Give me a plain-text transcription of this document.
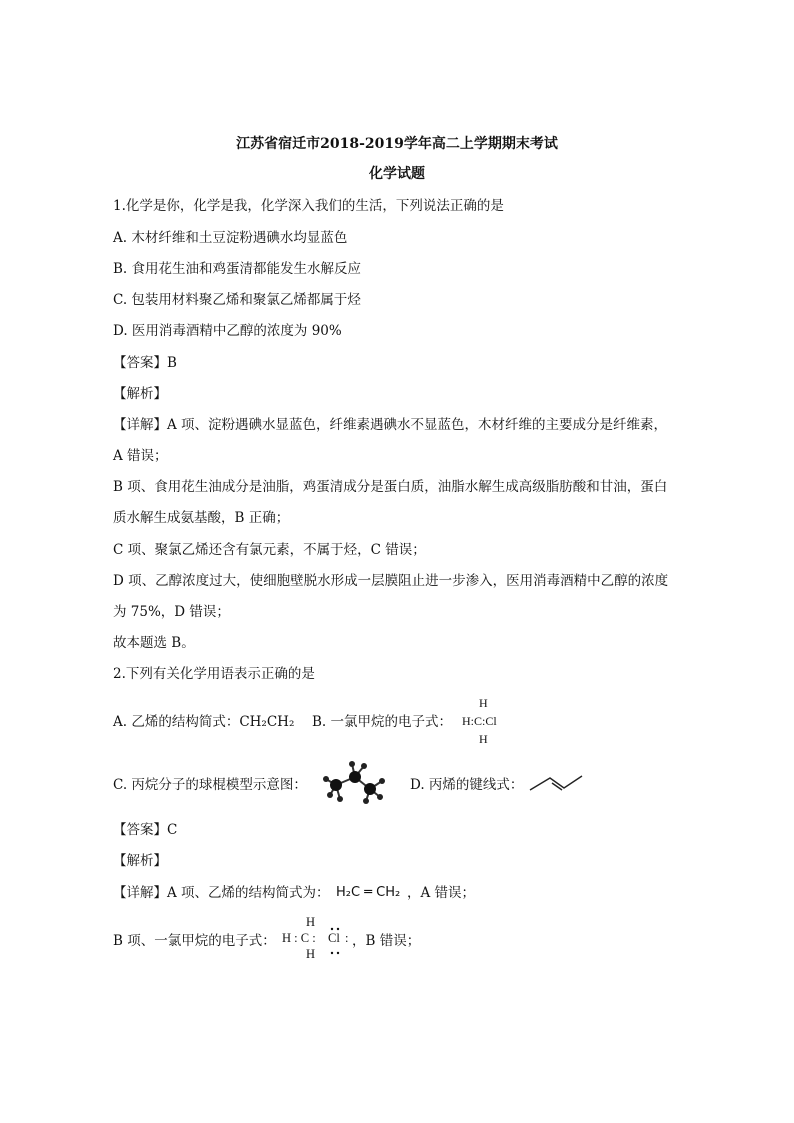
江苏省宿迁市2018-2019学年高二上学期期末考试
化学试题
1.化学是你，化学是我，化学深入我们的生活，下列说法正确的是
A. 木材纤维和土豆淀粉遇碘水均显蓝色
B. 食用花生油和鸡蛋清都能发生水解反应
C. 包装用材料聚乙烯和聚氯乙烯都属于烃
D. 医用消毒酒精中乙醇的浓度为 90%
【答案】B
【解析】
【详解】A 项、淀粉遇碘水显蓝色，纤维素遇碘水不显蓝色，木材纤维的主要成分是纤维素，
A 错误；
B 项、食用花生油成分是油脂，鸡蛋清成分是蛋白质，油脂水解生成高级脂肪酸和甘油，蛋白
质水解生成氨基酸，B 正确；
C 项、聚氯乙烯还含有氯元素，不属于烃，C 错误；
D 项、乙醇浓度过大，使细胞壁脱水形成一层膜阻止进一步渗入，医用消毒酒精中乙醇的浓度
为 75%，D 错误；
故本题选 B。
2.下列有关化学用语表示正确的是
A. 乙烯的结构简式：CH₂CH₂ B. 一氯甲烷的电子式：
H
H:C:Cl
H
C. 丙烷分子的球棍模型示意图：	D. 丙烯的键线式：
【答案】C
【解析】
【详解】A 项、乙烯的结构简式为： H₂C ═ CH₂ ，A 错误；
B 项、一氯甲烷的电子式：
H
H : C : Cl :
H
，B 错误；
